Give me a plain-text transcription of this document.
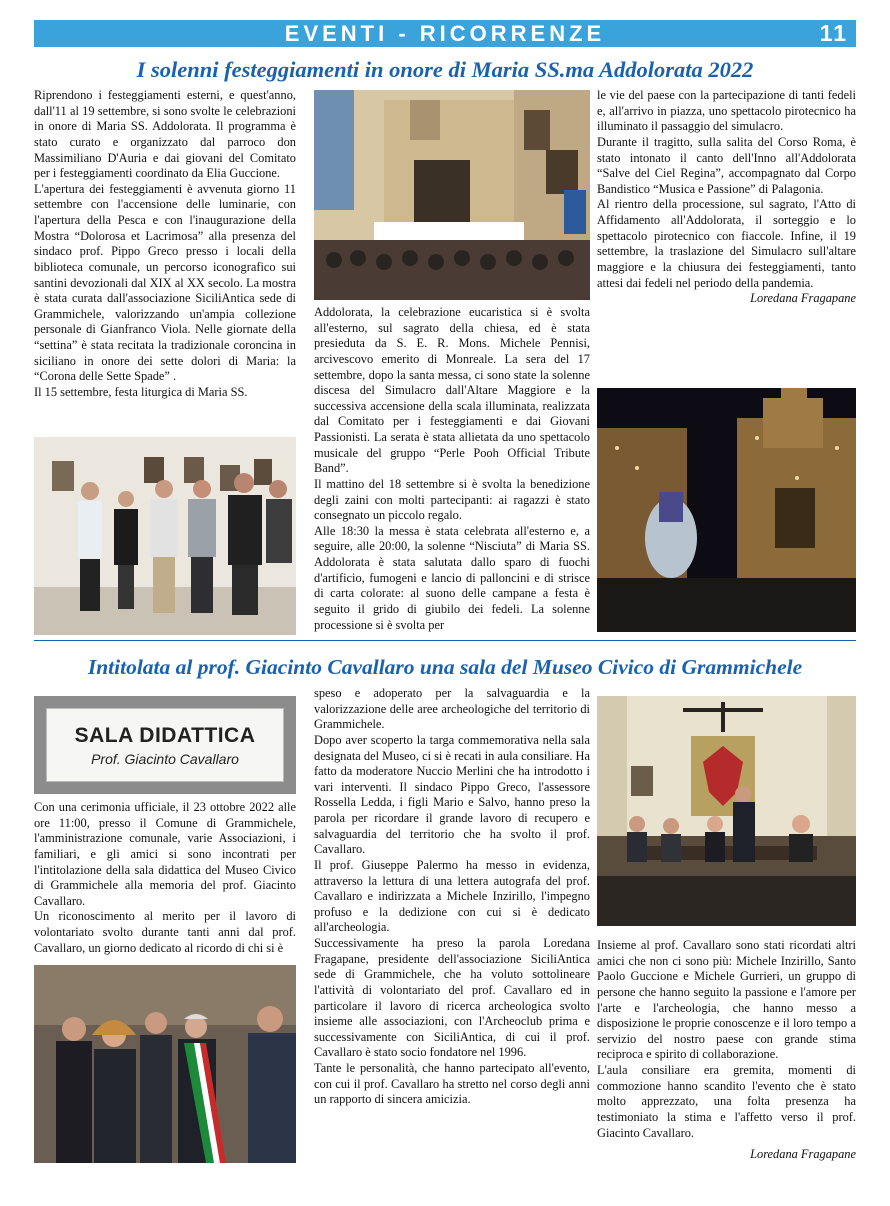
EVENTI - RICORRENZE	11
I solenni festeggiamenti in onore di Maria SS.ma Addolorata 2022

Riprendono i festeggiamenti esterni, e quest'anno, dall'11 al 19 settembre, si sono svolte le celebrazioni in onore di Maria SS. Addolorata. Il programma è stato curato e organizzato dal parroco don Massimiliano D'Auria e dai giovani del Comitato per i festeggiamenti coordinato da Elia Guccione.

L'apertura dei festeggiamenti è avvenuta giorno 11 settembre con l'accensione delle luminarie, con l'apertura della Pesca e con l'inaugurazione della Mostra “Dolorosa et Lacrimosa” alla presenza del sindaco prof. Pippo Greco presso i locali della biblioteca comunale, un percorso iconografico sui santini devozionali dal XIX al XX secolo. La mostra è stata curata dall'associazione SiciliAntica sede di Grammichele, valorizzando un'ampia collezione personale di Gianfranco Viola. Nelle giornate della “settina” è stata recitata la tradizionale coroncina in siciliano in onore dei sette dolori di Maria: la “Corona delle Sette Spade” .

Il 15 settembre, festa liturgica di Maria SS.

Addolorata, la celebrazione eucaristica si è svolta all'esterno, sul sagrato della chiesa, ed è stata presieduta da S. E. R. Mons. Michele Pennisi, arcivescovo emerito di Monreale. La sera del 17 settembre, dopo la santa messa, ci sono state la solenne discesa del Simulacro dall'Altare Maggiore e la successiva accensione della scala illuminata, realizzata dal Comitato per i festeggiamenti e dai Giovani Passionisti. La serata è stata allietata da uno spettacolo musicale del gruppo “Perle Pooh Official Tribute Band”.

Il mattino del 18 settembre si è svolta la benedizione degli zaini con molti partecipanti: ai ragazzi è stato consegnato un piccolo regalo.

Alle 18:30 la messa è stata celebrata all'esterno e, a seguire, alle 20:00, la solenne “Nisciuta” di Maria SS. Addolorata è stata salutata dallo sparo di fuochi d'artificio, fumogeni e lancio di palloncini e di strisce di carta colorate: al suono delle campane a festa è seguito il grido di giubilo dei fedeli. La solenne processione si è svolta per

le vie del paese con la partecipazione di tanti fedeli e, all'arrivo in piazza, uno spettacolo pirotecnico ha illuminato il passaggio del simulacro.

Durante il tragitto, sulla salita del Corso Roma, è stato intonato il canto dell'Inno all'Addolorata “Salve del Ciel Regina”, accompagnato dal Corpo Bandistico “Musica e Passione” di Palagonia.

Al rientro della processione, sul sagrato, l'Atto di Affidamento all'Addolorata, il sorteggio e lo spettacolo pirotecnico con fiaccole. Infine, il 19 settembre, la traslazione del Simulacro sull'altare maggiore e la chiusura dei festeggiamenti, tanto attesi dai fedeli nel periodo della pandemia.

Loredana Fragapane

Intitolata al prof. Giacinto Cavallaro una sala del Museo Civico di Grammichele
SALA DIDATTICA
Prof. Giacinto Cavallaro

Con una cerimonia ufficiale, il 23 ottobre 2022 alle ore 11:00, presso il Comune di Grammichele, l'amministrazione comunale, varie Associazioni, i familiari, e gli amici si sono incontrati per l'intitolazione della sala didattica del Museo Civico di Grammichele alla memoria del prof. Giacinto Cavallaro.

Un riconoscimento al merito per il lavoro di volontariato svolto durante tanti anni dal prof. Cavallaro, un giorno dedicato al ricordo di chi si è

speso e adoperato per la salvaguardia e la valorizzazione delle aree archeologiche del territorio di Grammichele.

Dopo aver scoperto la targa commemorativa nella sala designata del Museo, ci si è recati in aula consiliare. Ha fatto da moderatore Nuccio Merlini che ha introdotto i vari interventi. Il sindaco Pippo Greco, l'assessore Rossella Ledda, i figli Mario e Salvo, hanno preso la parola per ricordare il grande lavoro di recupero e salvaguardia del territorio che ha svolto il prof. Cavallaro.

Il prof. Giuseppe Palermo ha messo in evidenza, attraverso la lettura di una lettera autografa del prof. Cavallaro e indirizzata a Michele Inzirillo, l'impegno profuso e la dedizione con cui si è dedicato all'archeologia.

Successivamente ha preso la parola Loredana Fragapane, presidente dell'associazione SiciliAntica sede di Grammichele, che ha voluto sottolineare l'attività di volontariato del prof. Cavallaro ed in particolare il lavoro di ricerca archeologica svolto insieme alle associazioni, con l'Archeoclub prima e successivamente con SiciliAntica, di cui il prof. Cavallaro è stato socio fondatore nel 1996.

Tante le personalità, che hanno partecipato all'evento, con cui il prof. Cavallaro ha stretto nel corso degli anni un rapporto di sincera amicizia.

Insieme al prof. Cavallaro sono stati ricordati altri amici che non ci sono più: Michele Inzirillo, Santo Paolo Guccione e Michele Gurrieri, un gruppo di persone che hanno seguito la passione e l'amore per l'arte e l'archeologia, che hanno messo a disposizione le proprie conoscenze e il loro tempo a servizio del nostro paese con grande stima reciproca e spirito di collaborazione.

L'aula consiliare era gremita, momenti di commozione hanno scandito l'evento che è stato molto apprezzato, una folta presenza ha testimoniato la stima e l'affetto verso il prof. Giacinto Cavallaro.

Loredana Fragapane
